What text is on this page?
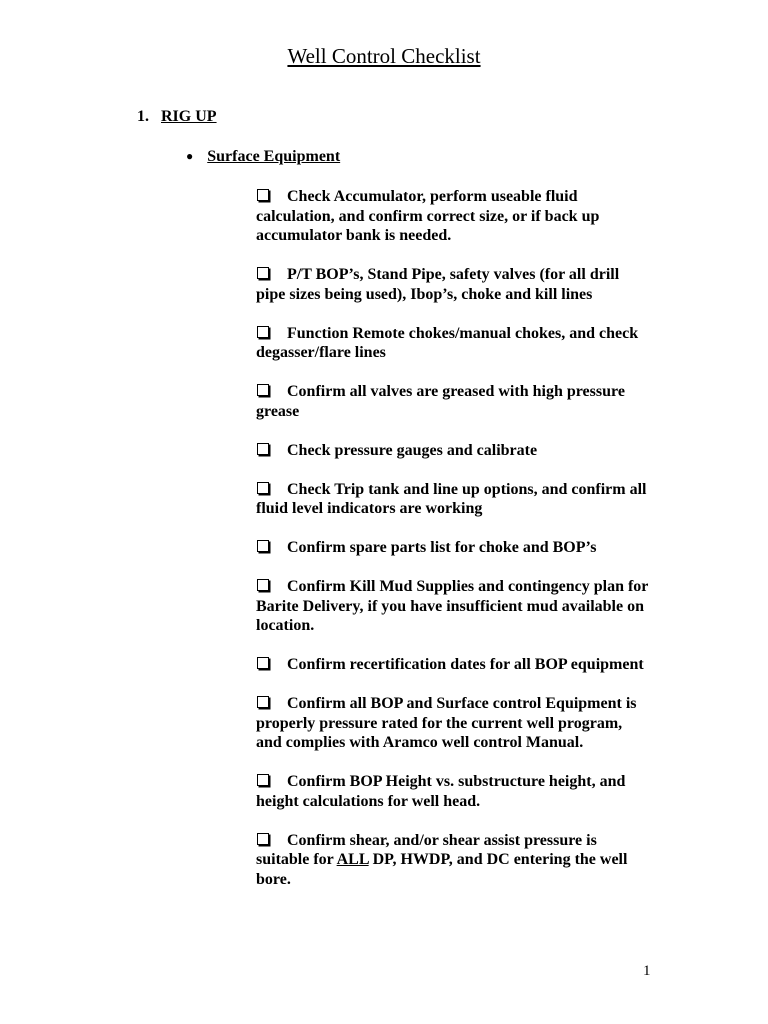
Well Control Checklist
1. RIG UP
● Surface Equipment

Check Accumulator, perform useable fluid calculation, and confirm correct size, or if back up accumulator bank is needed.

P/T BOP’s, Stand Pipe, safety valves (for all drill pipe sizes being used), Ibop’s, choke and kill lines

Function Remote chokes/manual chokes, and check degasser/flare lines

Confirm all valves are greased with high pressure grease

Check pressure gauges and calibrate

Check Trip tank and line up options, and confirm all fluid level indicators are working

Confirm spare parts list for choke and BOP’s

Confirm Kill Mud Supplies and contingency plan for Barite Delivery, if you have insufficient mud available on location.

Confirm recertification dates for all BOP equipment

Confirm all BOP and Surface control Equipment is properly pressure rated for the current well program, and complies with Aramco well control Manual.

Confirm BOP Height vs. substructure height, and height calculations for well head.

Confirm shear, and/or shear assist pressure is suitable for ALL DP, HWDP, and DC entering the well bore.

1
